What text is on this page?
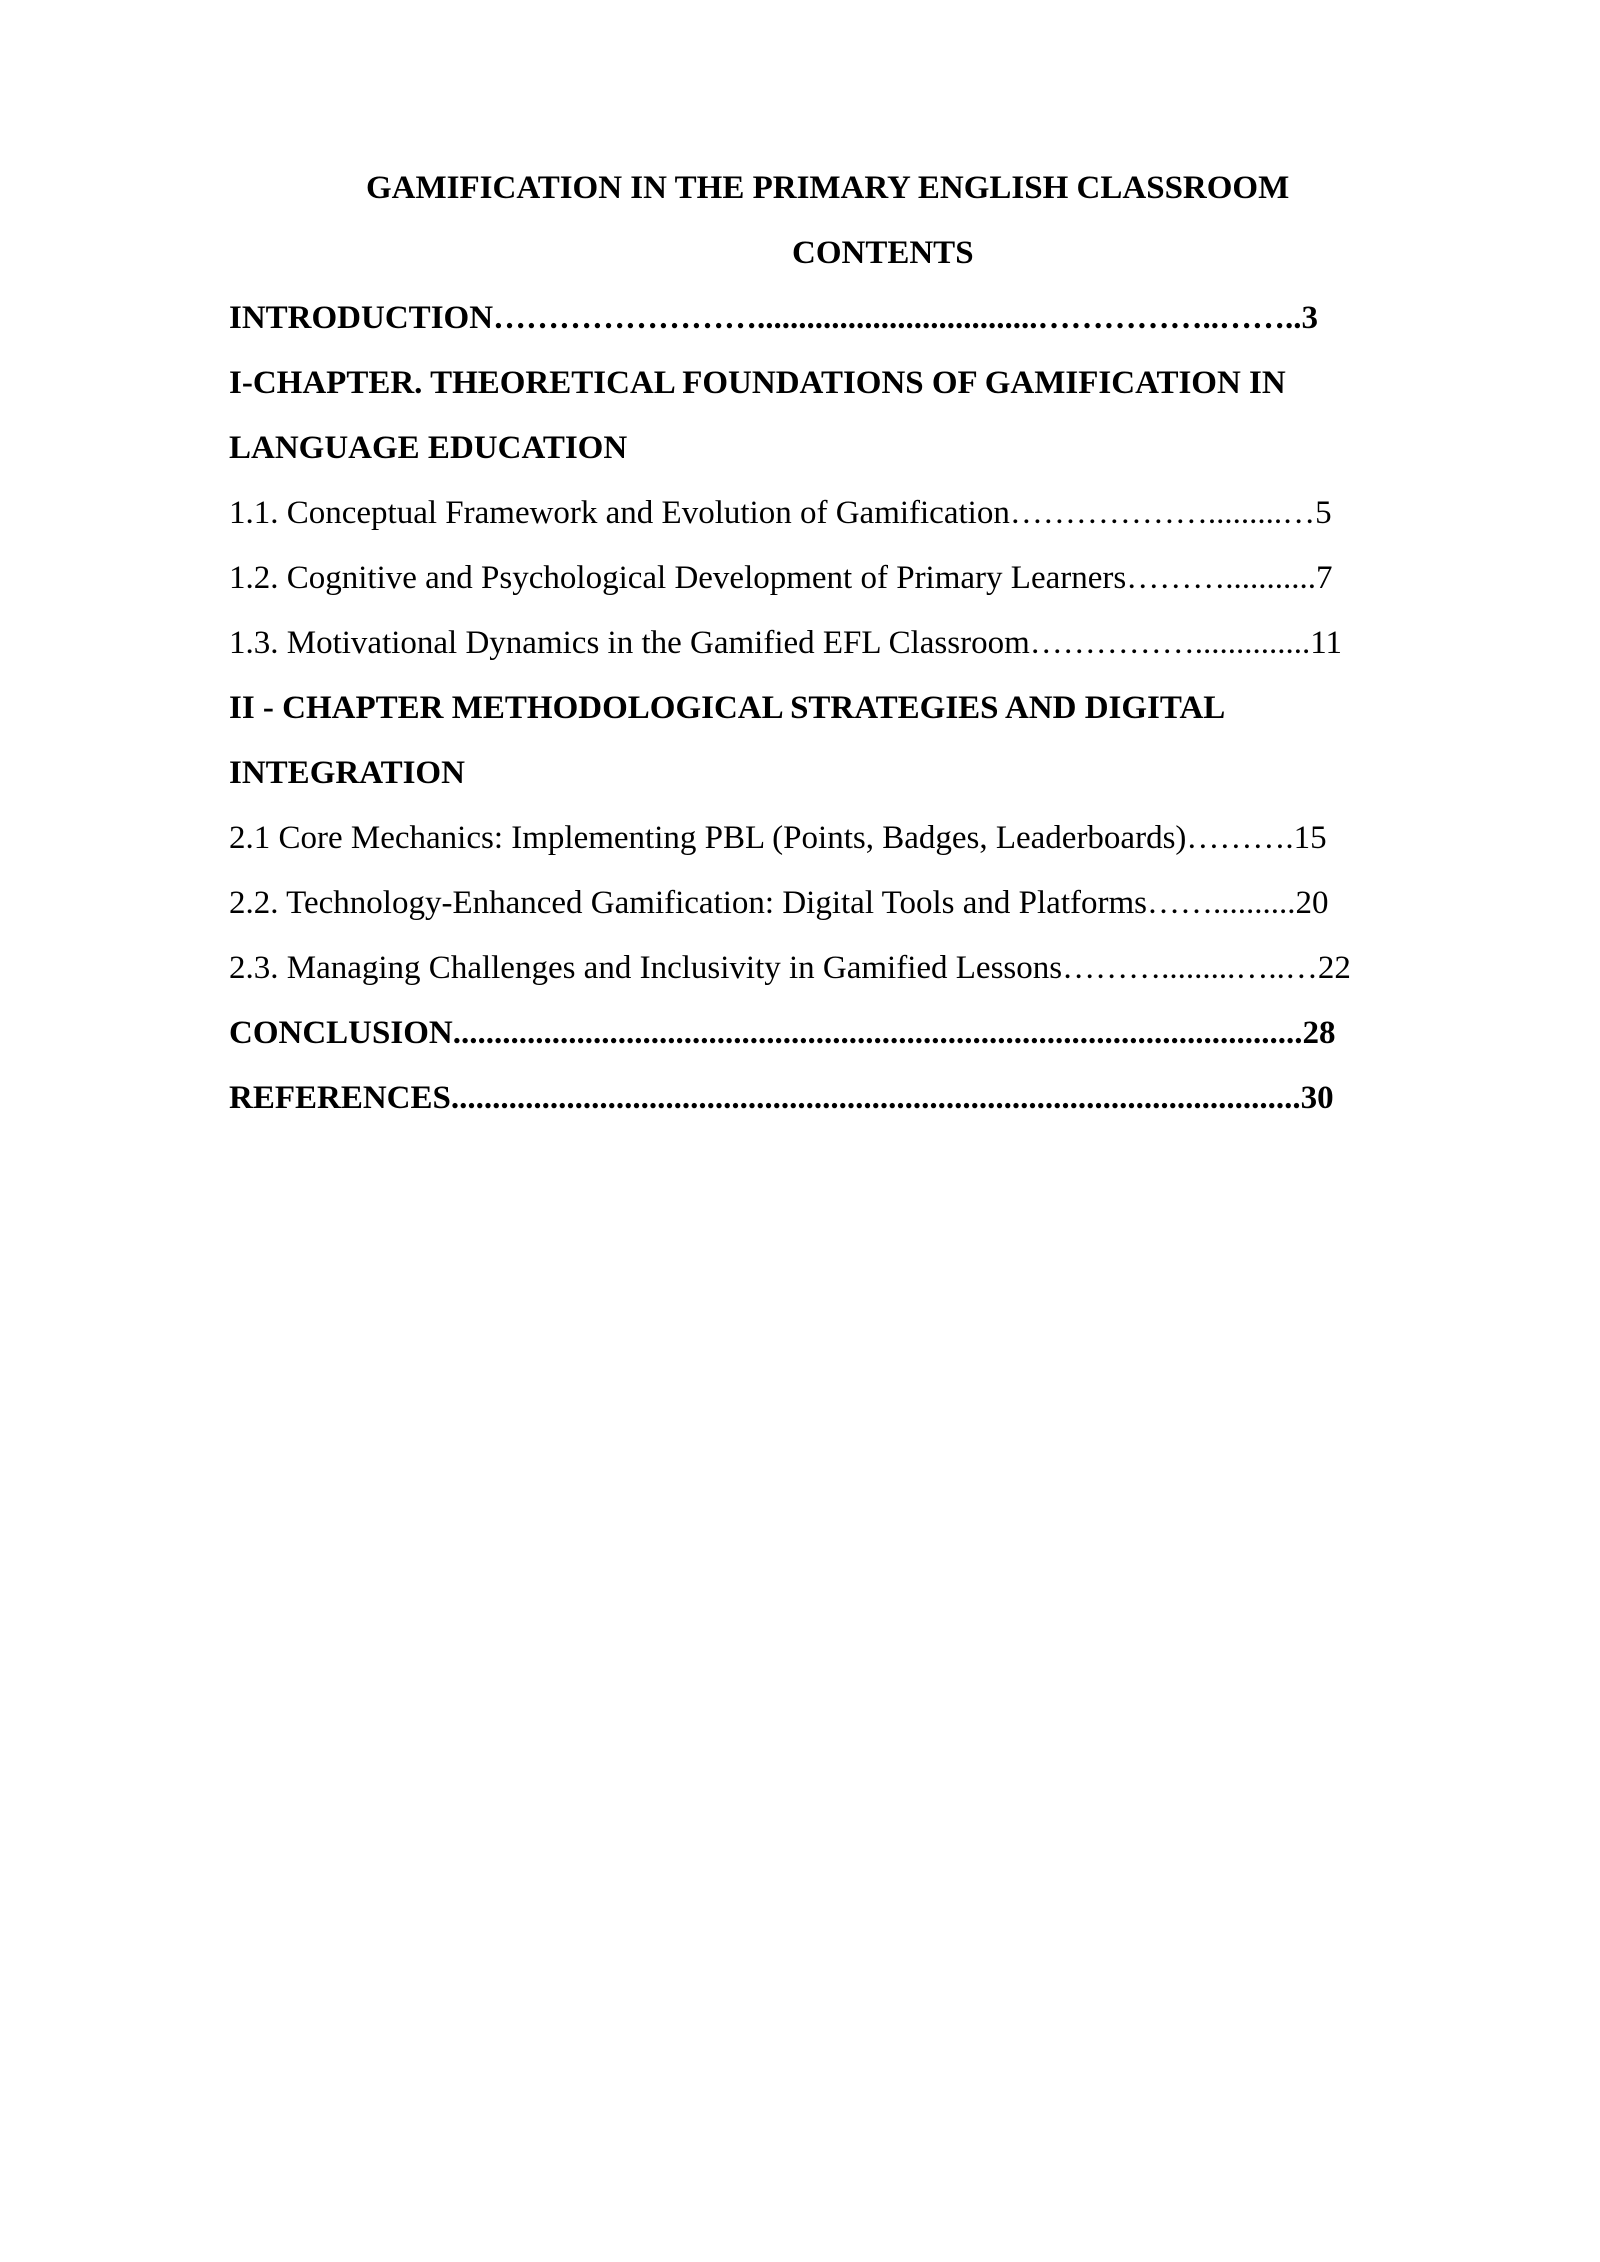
GAMIFICATION IN THE PRIMARY ENGLISH CLASSROOM
CONTENTS
INTRODUCTION……………………..................................……………..……..3
I-CHAPTER. THEORETICAL FOUNDATIONS OF GAMIFICATION IN
LANGUAGE EDUCATION
1.1. Conceptual Framework and Evolution of Gamification……………….........…5
1.2. Cognitive and Psychological Development of Primary Learners………...........7
1.3. Motivational Dynamics in the Gamified EFL Classroom……………..............11
II - CHAPTER METHODOLOGICAL STRATEGIES AND DIGITAL
INTEGRATION
2.1 Core Mechanics: Implementing PBL (Points, Badges, Leaderboards)……….15
2.2. Technology-Enhanced Gamification: Digital Tools and Platforms……..........20
2.3. Managing Challenges and Inclusivity in Gamified Lessons……….........…..…22
CONCLUSION.......................................................................................................28
REFERENCES.......................................................................................................30
